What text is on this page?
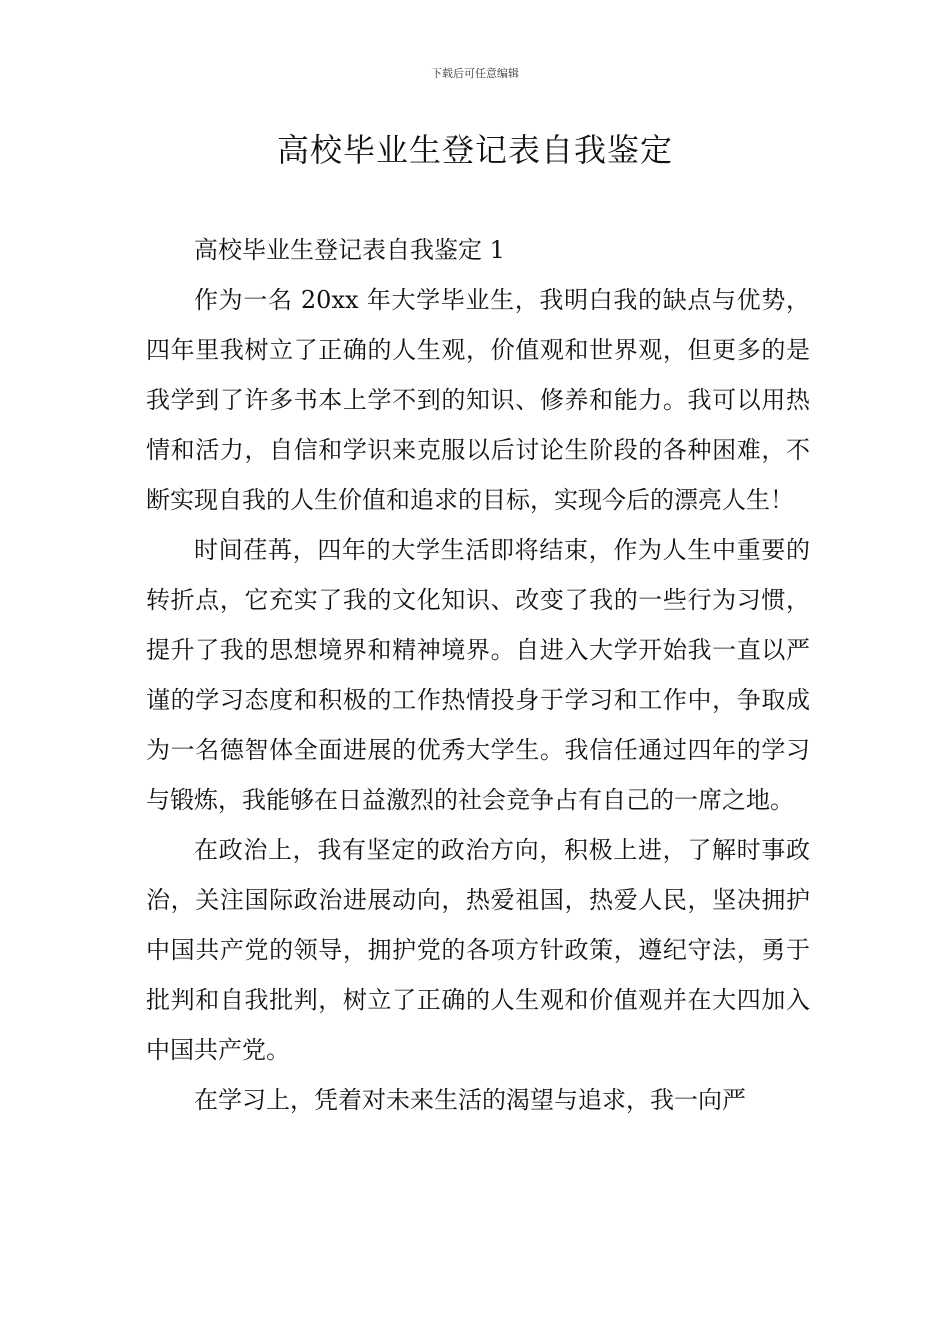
下载后可任意编辑
高校毕业生登记表自我鉴定

高校毕业生登记表自我鉴定 1

作为一名 20xx 年大学毕业生，我明白我的缺点与优势，四年里我树立了正确的人生观，价值观和世界观，但更多的是我学到了许多书本上学不到的知识、修养和能力。我可以用热情和活力，自信和学识来克服以后讨论生阶段的各种困难，不断实现自我的人生价值和追求的目标，实现今后的漂亮人生！

时间荏苒，四年的大学生活即将结束，作为人生中重要的转折点，它充实了我的文化知识、改变了我的一些行为习惯，提升了我的思想境界和精神境界。自进入大学开始我一直以严谨的学习态度和积极的工作热情投身于学习和工作中，争取成为一名德智体全面进展的优秀大学生。我信任通过四年的学习与锻炼，我能够在日益激烈的社会竞争占有自己的一席之地。

在政治上，我有坚定的政治方向，积极上进，了解时事政治，关注国际政治进展动向，热爱祖国，热爱人民，坚决拥护中国共产党的领导，拥护党的各项方针政策，遵纪守法，勇于批判和自我批判，树立了正确的人生观和价值观并在大四加入中国共产党。

在学习上，凭着对未来生活的渴望与追求，我一向严
